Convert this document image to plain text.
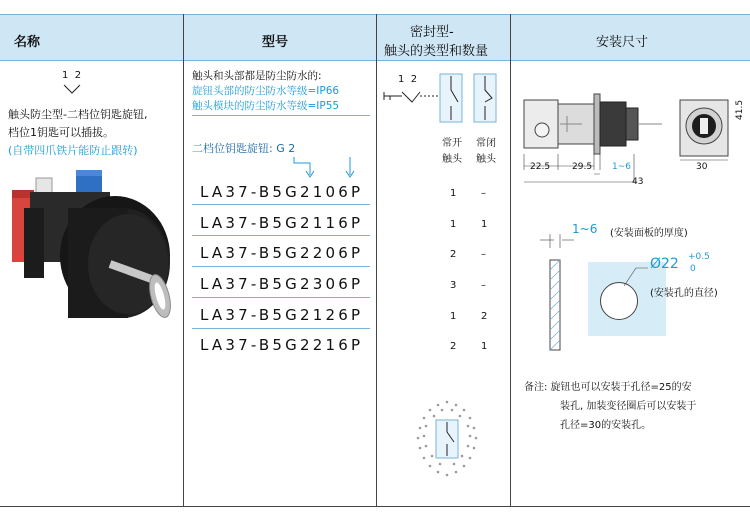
名称	型号
密封型-
触头的类型和数量
安装尺寸
1  2
触头防尘型-二档位钥匙旋钮,
档位1钥匙可以插拔。
(自带四爪铁片能防止跟转)
触头和头部都是防尘防水的:
旋钮头部的防尘防水等级=IP66
触头模块的防尘防水等级=IP55
二档位钥匙旋钮: G 2
LA37-B5G2106P
LA37-B5G2116P
LA37-B5G2206P
LA37-B5G2306P
LA37-B5G2126P
LA37-B5G2216P
1  2
常开
触头
常闭
触头
1 –
1 1
2 –
3 –
1 2
2 1
22.5 29.5 1~6
43
30
41.5
1~6 (安装面板的厚度)
Ø22 +0.5
0
(安装孔的直径)
备注: 旋钮也可以安装于孔径=25的安
装孔, 加装变径圈后可以安装于
孔径=30的安装孔。
